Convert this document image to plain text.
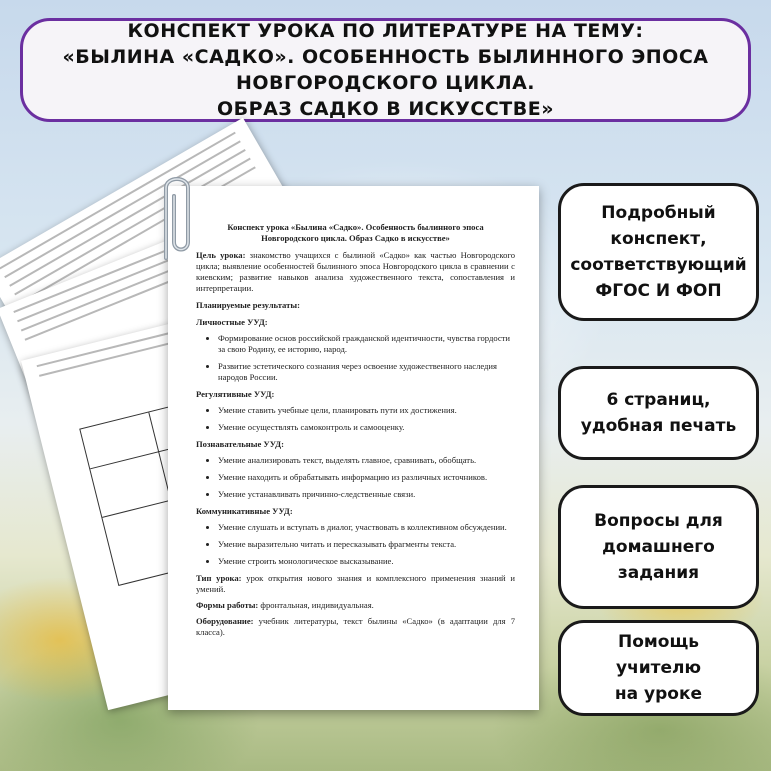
КОНСПЕКТ УРОКА ПО ЛИТЕРАТУРЕ НА ТЕМУ:
«БЫЛИНА «САДКО». ОСОБЕННОСТЬ БЫЛИННОГО ЭПОСА НОВГОРОДСКОГО ЦИКЛА.
ОБРАЗ САДКО В ИСКУССТВЕ»
Конспект урока «Былина «Садко». Особенность былинного эпоса
Новгородского цикла. Образ Садко в искусстве»

Цель урока: знакомство учащихся с былиной «Садко» как частью Новгородского цикла; выявление особенностей былинного эпоса Новгородского цикла в сравнении с киевским; развитие навыков анализа художественного текста, сопоставления и интерпретации.

Планируемые результаты:
Личностные УУД:
• Формирование основ российской гражданской идентичности, чувства гордости за свою Родину, ее историю, народ.
• Развитие эстетического сознания через освоение художественного наследия народов России.
Регулятивные УУД:
• Умение ставить учебные цели, планировать пути их достижения.
• Умение осуществлять самоконтроль и самооценку.
Познавательные УУД:
• Умение анализировать текст, выделять главное, сравнивать, обобщать.
• Умение находить и обрабатывать информацию из различных источников.
• Умение устанавливать причинно-следственные связи.
Коммуникативные УУД:
• Умение слушать и вступать в диалог, участвовать в коллективном обсуждении.
• Умение выразительно читать и пересказывать фрагменты текста.
• Умение строить монологическое высказывание.

Тип урока: урок открытия нового знания и комплексного применения знаний и умений.

Формы работы: фронтальная, индивидуальная.

Оборудование: учебник литературы, текст былины «Садко» (в адаптации для 7 класса).

Подробный
конспект,
соответствующий
ФГОС И ФОП
6 страниц,
удобная печать
Вопросы для
домашнего
задания
Помощь учителю
на уроке
